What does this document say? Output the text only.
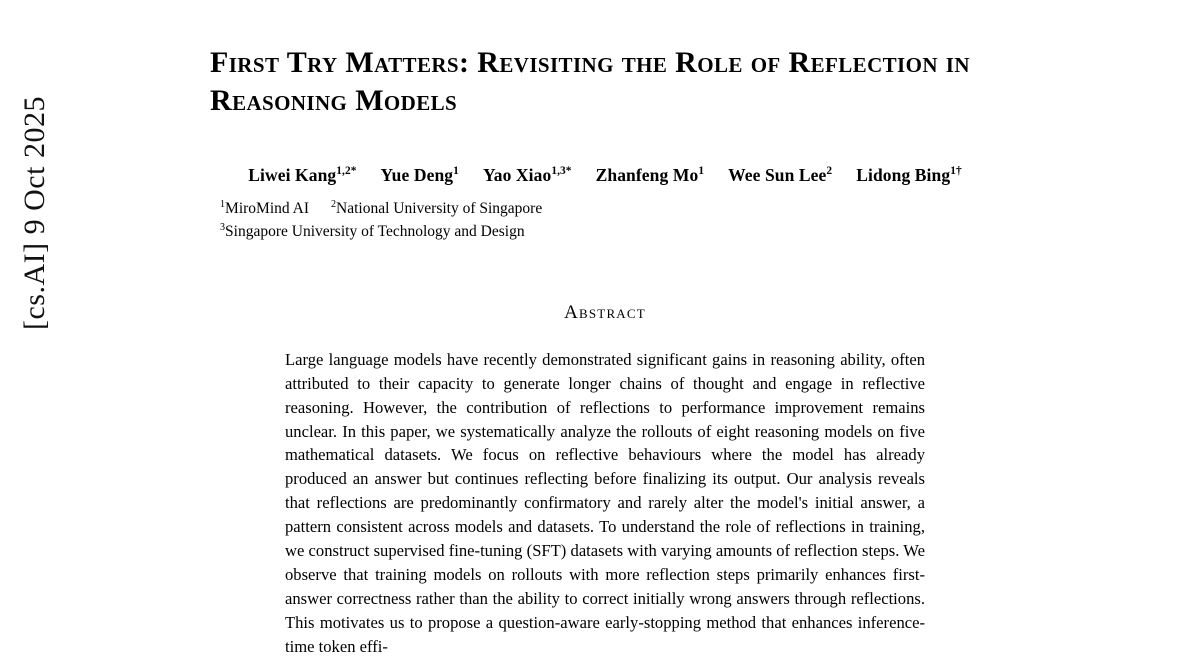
[cs.AI] 9 Oct 2025
First Try Matters: Revisiting the Role of Reflection in Reasoning Models
Liwei Kang$^{1,2*}$ Yue Deng$^1$ Yao Xiao$^{1,3*}$ Zhanfeng Mo$^1$ Wee Sun Lee$^2$ Lidong Bing$^{1\dagger}$
$^1$MiroMind AI $^2$National University of Singapore
$^3$Singapore University of Technology and Design
Abstract
Large language models have recently demonstrated significant gains in reasoning ability, often attributed to their capacity to generate longer chains of thought and engage in reflective reasoning. However, the contribution of reflections to performance improvement remains unclear. In this paper, we systematically analyze the rollouts of eight reasoning models on five mathematical datasets. We focus on reflective behaviours where the model has already produced an answer but continues reflecting before finalizing its output. Our analysis reveals that reflections are predominantly confirmatory and rarely alter the model's initial answer, a pattern consistent across models and datasets. To understand the role of reflections in training, we construct supervised fine-tuning (SFT) datasets with varying amounts of reflection steps. We observe that training models on rollouts with more reflection steps primarily enhances first-answer correctness rather than the ability to correct initially wrong answers through reflections. This motivates us to propose a question-aware early-stopping method that enhances inference-time token effi-
